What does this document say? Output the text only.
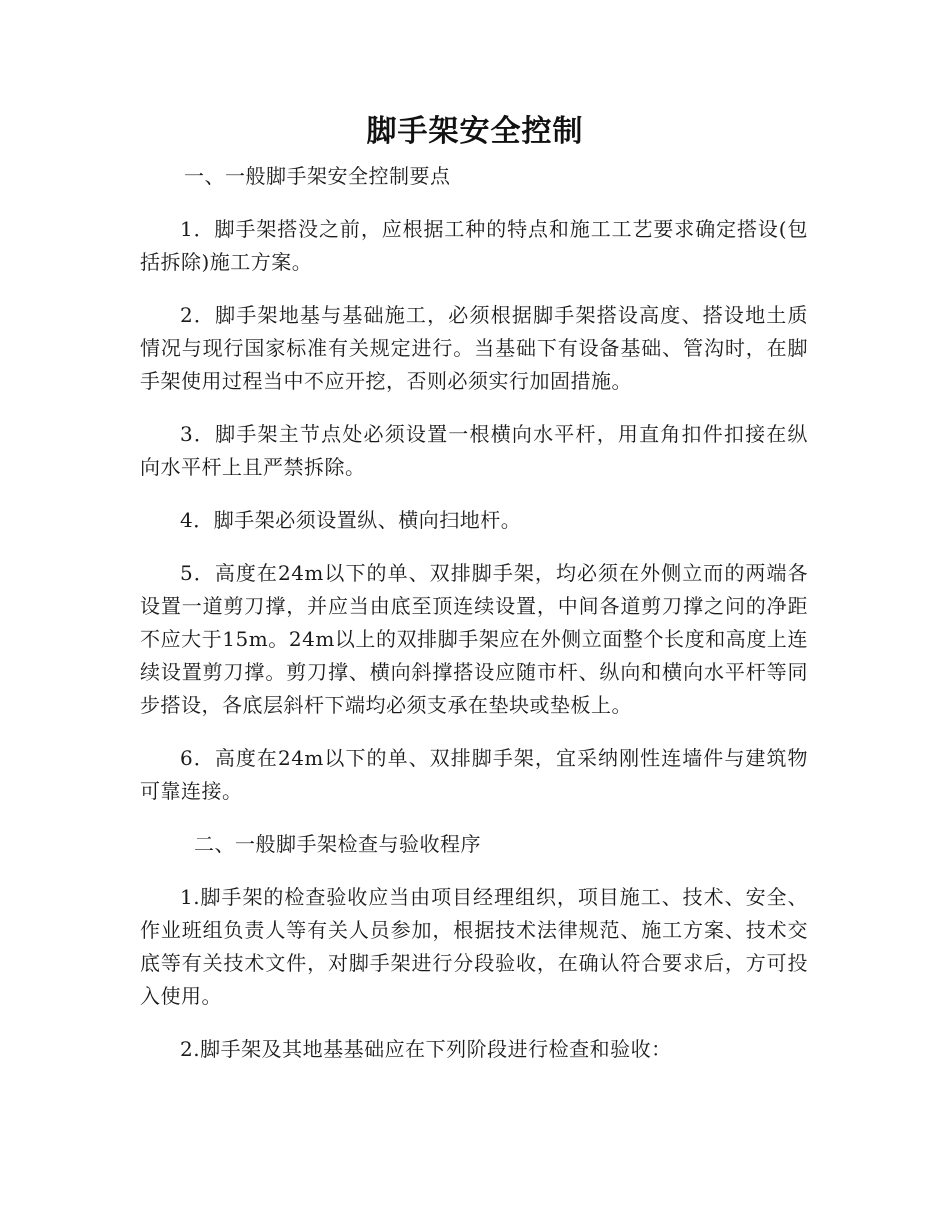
脚手架安全控制
一、一般脚手架安全控制要点

1．脚手架搭没之前，应根据工种的特点和施工工艺要求确定搭设(包括拆除)施工方案。

2．脚手架地基与基础施工，必须根据脚手架搭设高度、搭设地土质情况与现行国家标准有关规定进行。当基础下有设备基础、管沟时，在脚手架使用过程当中不应开挖，否则必须实行加固措施。

3．脚手架主节点处必须设置一根横向水平杆，用直角扣件扣接在纵向水平杆上且严禁拆除。

4．脚手架必须设置纵、横向扫地杆。

5．高度在24m以下的单、双排脚手架，均必须在外侧立而的两端各设置一道剪刀撑，并应当由底至顶连续设置，中间各道剪刀撑之问的净距不应大于15m。24m以上的双排脚手架应在外侧立面整个长度和高度上连续设置剪刀撑。剪刀撑、横向斜撑搭设应随市杆、纵向和横向水平杆等同步搭设，各底层斜杆下端均必须支承在垫块或垫板上。

6．高度在24m以下的单、双排脚手架，宜采纳刚性连墙件与建筑物可靠连接。

二、一般脚手架检查与验收程序

1.脚手架的检查验收应当由项目经理组织，项目施工、技术、安全、作业班组负责人等有关人员参加，根据技术法律规范、施工方案、技术交底等有关技术文件，对脚手架进行分段验收，在确认符合要求后，方可投入使用。

2.脚手架及其地基基础应在下列阶段进行检查和验收：
